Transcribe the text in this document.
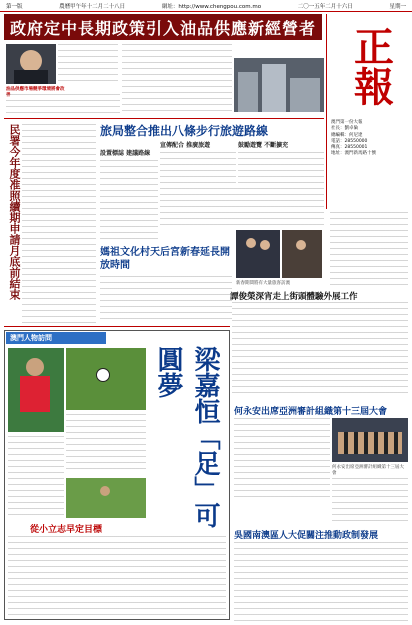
第一版	農曆甲午年十二月二十八日	網址：http://www.chengpou.com.mo	二〇一五年二月十六日	星期一
政府定中長期政策引入油品供應新經營者 正報
澳門第一份大報
社長：劉卓倫
總編輯：何尼達
電話：28550000
傳真：28550001
地址：澳門新馬路十號
油品供應市場競爭環境將會改善
民署今年度准照續期申請月底前結束	旅局整合推出八條步行旅遊路線
設置標誌 建議路線
宣傳配合 推廣旅遊	鼓勵遊覽 不斷擴充
新春期間將有大量旅客訪澳
媽祖文化村天后宮新春延長開放時間
譚俊榮深宵走上街頭體驗外展工作
澳門人物訪問
梁嘉恒「足」可圓夢
從小立志早定目標
何永安出席亞洲審計組織第十三屆大會
何永安出席亞洲審計組織第十三屆大會
吳國南澳區人大促關注推動政制發展
